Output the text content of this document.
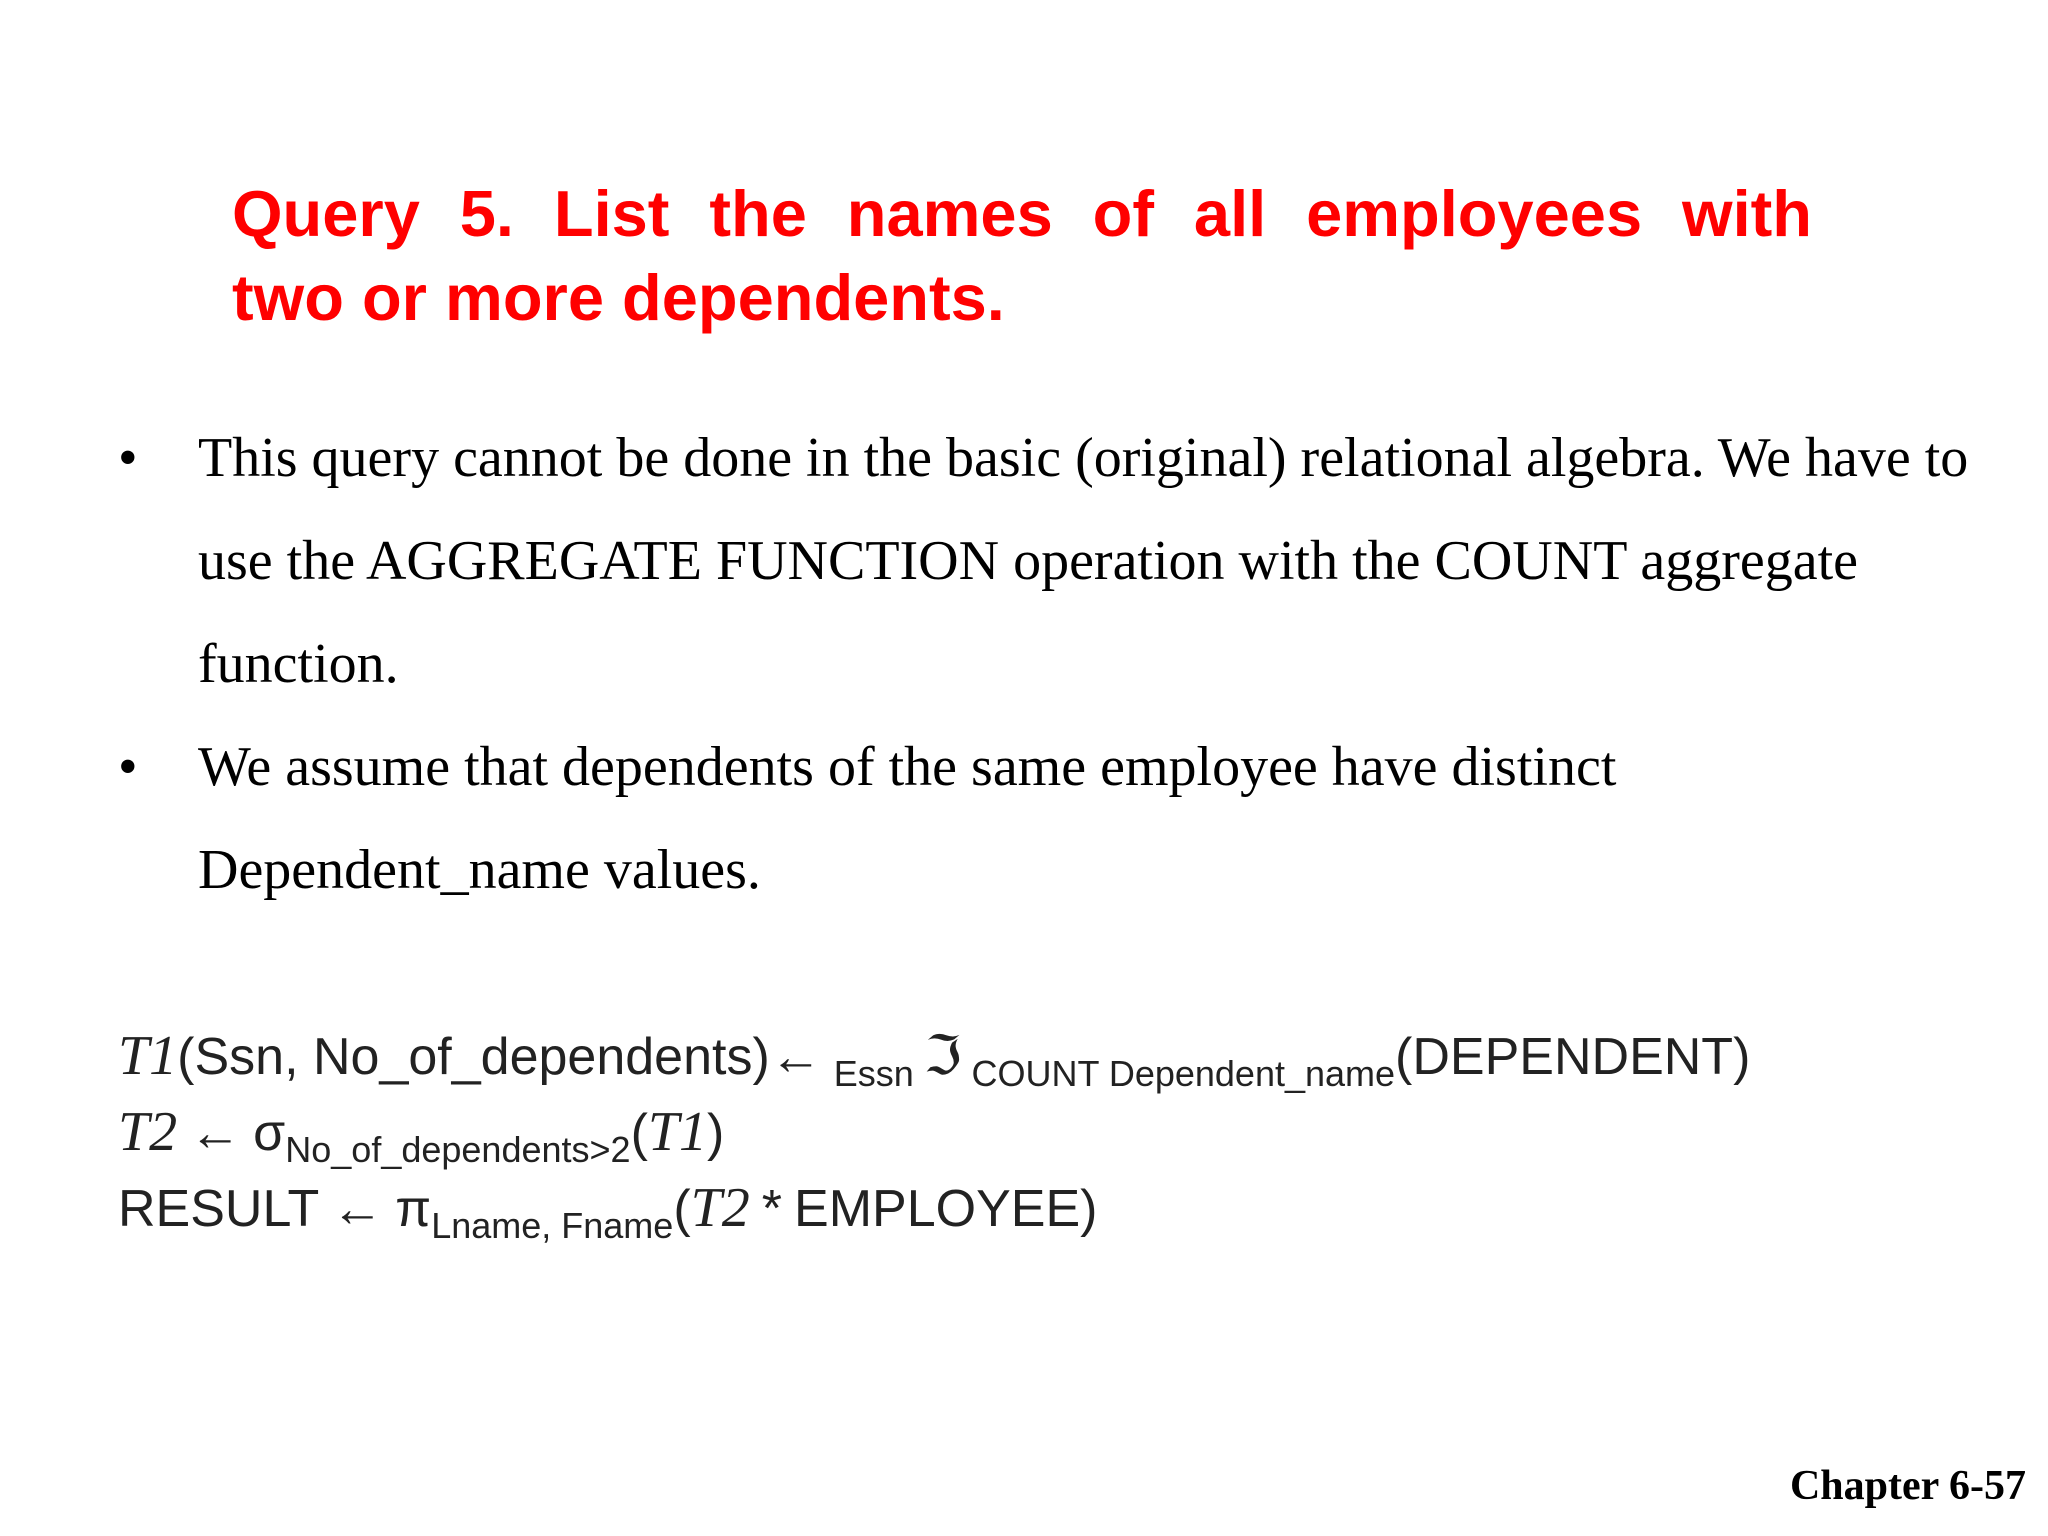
Query 5. List the names of all employees with
two or more dependents.
• This query cannot be done in the basic (original) relational algebra. We have to use the AGGREGATE FUNCTION operation with the COUNT aggregate function.
• We assume that dependents of the same employee have distinct Dependent_name values.
T1(Ssn, No_of_dependents)← $_{Essn}$ ℑ $_{COUNT Dependent\_name}$(DEPENDENT)
T2 ← $\sigma_{No\_of\_dependents>2}(T1)$
RESULT ← $\pi_{Lname, Fname}(T2$ * EMPLOYEE)
Chapter 6-57
